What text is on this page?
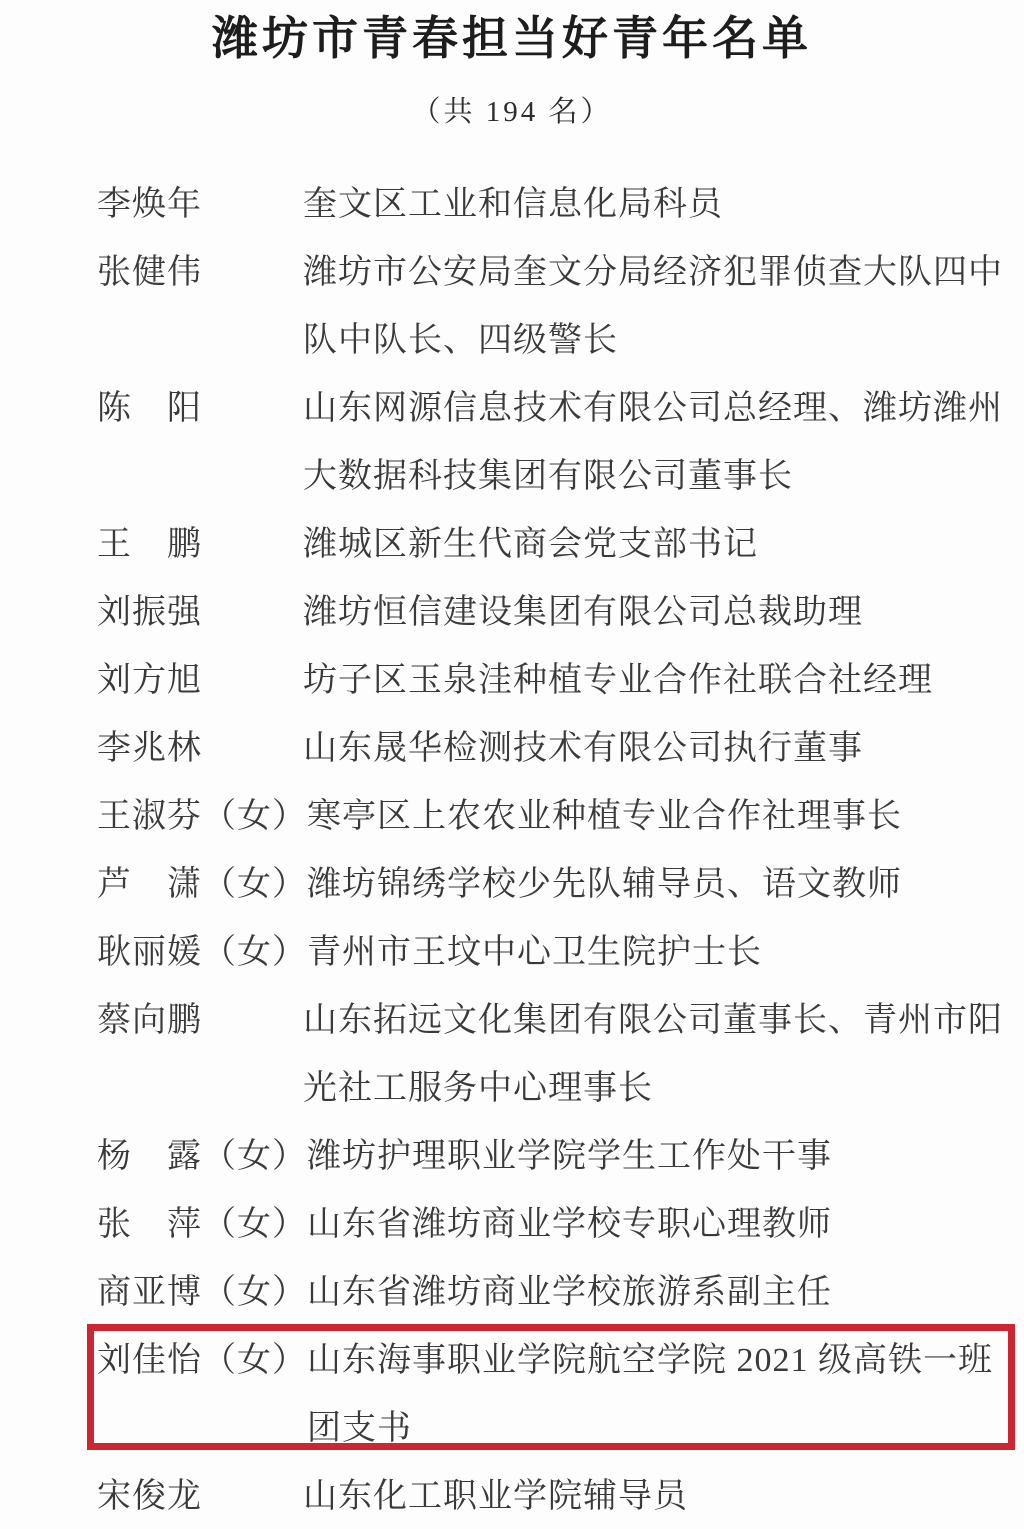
潍坊市青春担当好青年名单
（共 194 名）
李焕年	奎文区工业和信息化局科员
张健伟	潍坊市公安局奎文分局经济犯罪侦查大队四中队中队长、四级警长
陈　阳	山东网源信息技术有限公司总经理、潍坊潍州大数据科技集团有限公司董事长
王　鹏	潍城区新生代商会党支部书记
刘振强	潍坊恒信建设集团有限公司总裁助理
刘方旭	坊子区玉泉洼种植专业合作社联合社经理
李兆林	山东晟华检测技术有限公司执行董事
王淑芬（女） 寒亭区上农农业种植专业合作社理事长
芦　潇（女） 潍坊锦绣学校少先队辅导员、语文教师
耿丽媛（女） 青州市王坟中心卫生院护士长
蔡向鹏	山东拓远文化集团有限公司董事长、青州市阳光社工服务中心理事长
杨　露（女） 潍坊护理职业学院学生工作处干事
张　萍（女） 山东省潍坊商业学校专职心理教师
商亚博（女） 山东省潍坊商业学校旅游系副主任
刘佳怡（女） 山东海事职业学院航空学院 2021 级高铁一班团支书
宋俊龙	山东化工职业学院辅导员
